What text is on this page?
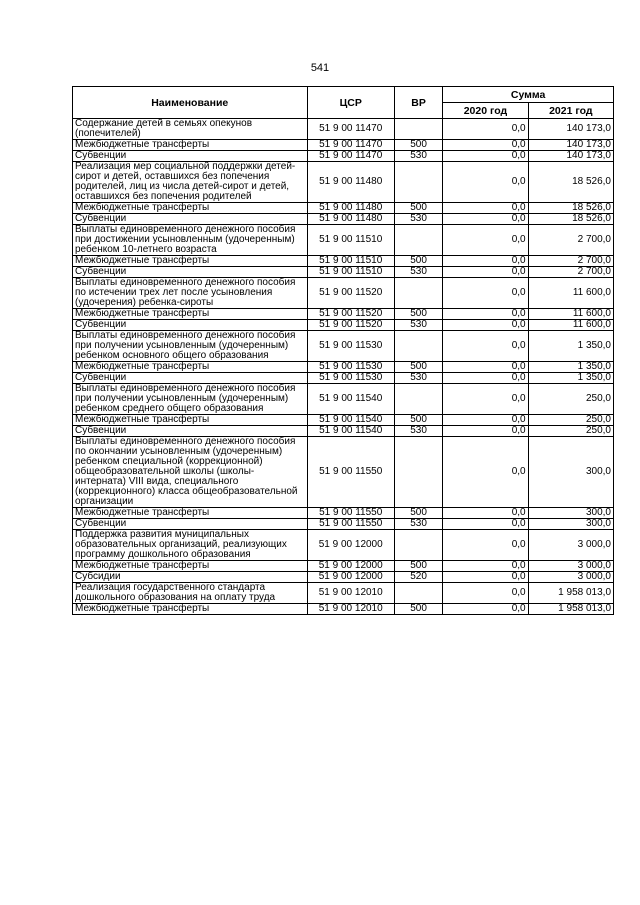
541
Наименование	ЦСР	ВР	Сумма	
			2020 год	2021 год
Содержание детей в семьях опекунов (попечителей)	51 9 00 11470		0,0	140 173,0
Межбюджетные трансферты	51 9 00 11470	500	0,0	140 173,0
Субвенции	51 9 00 11470	530	0,0	140 173,0
Реализация мер социальной поддержки детей-сирот и детей, оставшихся без попечения родителей, лиц из числа детей-сирот и детей, оставшихся без попечения родителей	51 9 00 11480		0,0	18 526,0
Межбюджетные трансферты	51 9 00 11480	500	0,0	18 526,0
Субвенции	51 9 00 11480	530	0,0	18 526,0
Выплаты единовременного денежного пособия при достижении усыновленным (удочеренным) ребенком 10-летнего возраста	51 9 00 11510		0,0	2 700,0
Межбюджетные трансферты	51 9 00 11510	500	0,0	2 700,0
Субвенции	51 9 00 11510	530	0,0	2 700,0
Выплаты единовременного денежного пособия по истечении трех лет после усыновления (удочерения) ребенка-сироты	51 9 00 11520		0,0	11 600,0
Межбюджетные трансферты	51 9 00 11520	500	0,0	11 600,0
Субвенции	51 9 00 11520	530	0,0	11 600,0
Выплаты единовременного денежного пособия при получении усыновленным (удочеренным) ребенком основного общего образования	51 9 00 11530		0,0	1 350,0
Межбюджетные трансферты	51 9 00 11530	500	0,0	1 350,0
Субвенции	51 9 00 11530	530	0,0	1 350,0
Выплаты единовременного денежного пособия при получении усыновленным (удочеренным) ребенком среднего общего образования	51 9 00 11540		0,0	250,0
Межбюджетные трансферты	51 9 00 11540	500	0,0	250,0
Субвенции	51 9 00 11540	530	0,0	250,0
Выплаты единовременного денежного пособия по окончании усыновленным (удочеренным) ребенком специальной (коррекционной) общеобразовательной школы (школы-интерната) VIII вида, специального (коррекционного) класса общеобразовательной организации	51 9 00 11550		0,0	300,0
Межбюджетные трансферты	51 9 00 11550	500	0,0	300,0
Субвенции	51 9 00 11550	530	0,0	300,0
Поддержка развития муниципальных образовательных организаций, реализующих программу дошкольного образования	51 9 00 12000		0,0	3 000,0
Межбюджетные трансферты	51 9 00 12000	500	0,0	3 000,0
Субсидии	51 9 00 12000	520	0,0	3 000,0
Реализация государственного стандарта дошкольного образования на оплату труда	51 9 00 12010		0,0	1 958 013,0
Межбюджетные трансферты	51 9 00 12010	500	0,0	1 958 013,0
